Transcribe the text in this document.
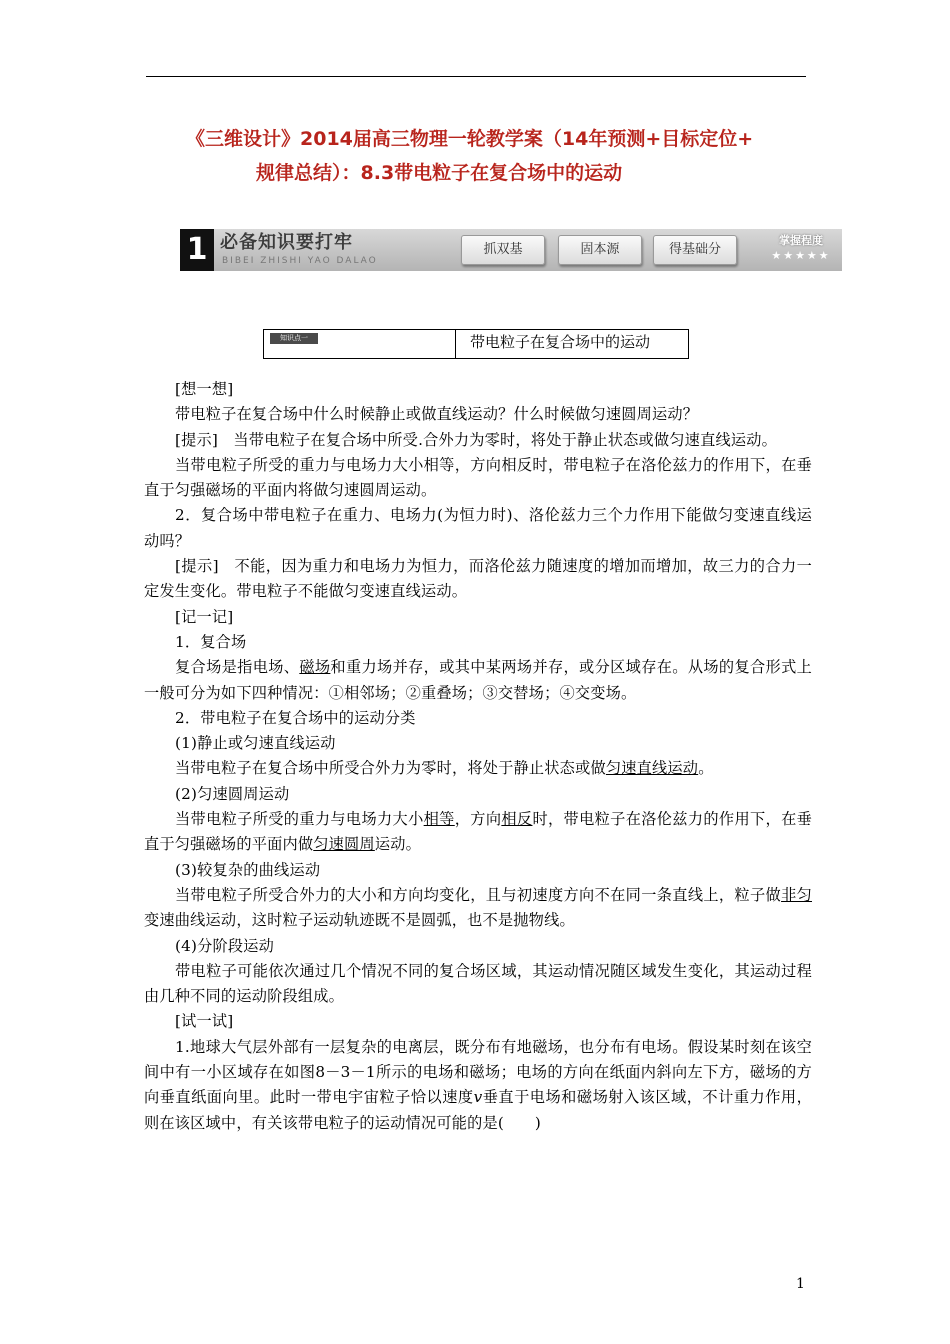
《三维设计》2014届高三物理一轮教学案（14年预测+目标定位+
规律总结）：8.3带电粒子在复合场中的运动
1 必备知识要打牢
BIBEI ZHISHI YAO DALAO
抓双基	固本源	得基础分
掌握程度
★★★★★
知识点一	带电粒子在复合场中的运动

[想一想]

带电粒子在复合场中什么时候静止或做直线运动？什么时候做匀速圆周运动？

[提示]　当带电粒子在复合场中所受.合外力为零时，将处于静止状态或做匀速直线运动。

当带电粒子所受的重力与电场力大小相等，方向相反时，带电粒子在洛伦兹力的作用下，在垂直于匀强磁场的平面内将做匀速圆周运动。

2．复合场中带电粒子在重力、电场力(为恒力时)、洛伦兹力三个力作用下能做匀变速直线运动吗？

[提示]　不能，因为重力和电场力为恒力，而洛伦兹力随速度的增加而增加，故三力的合力一定发生变化。带电粒子不能做匀变速直线运动。

[记一记]

1．复合场

复合场是指电场、磁场和重力场并存，或其中某两场并存，或分区域存在。从场的复合形式上一般可分为如下四种情况：①相邻场；②重叠场；③交替场；④交变场。

2．带电粒子在复合场中的运动分类

(1)静止或匀速直线运动

当带电粒子在复合场中所受合外力为零时，将处于静止状态或做匀速直线运动。

(2)匀速圆周运动

当带电粒子所受的重力与电场力大小相等，方向相反时，带电粒子在洛伦兹力的作用下，在垂直于匀强磁场的平面内做匀速圆周运动。

(3)较复杂的曲线运动

当带电粒子所受合外力的大小和方向均变化，且与初速度方向不在同一条直线上，粒子做非匀变速曲线运动，这时粒子运动轨迹既不是圆弧，也不是抛物线。

(4)分阶段运动

带电粒子可能依次通过几个情况不同的复合场区域，其运动情况随区域发生变化，其运动过程由几种不同的运动阶段组成。

[试一试]

1.地球大气层外部有一层复杂的电离层，既分布有地磁场，也分布有电场。假设某时刻在该空间中有一小区域存在如图8－3－1所示的电场和磁场；电场的方向在纸面内斜向左下方，磁场的方向垂直纸面向里。此时一带电宇宙粒子恰以速度v垂直于电场和磁场射入该区域，不计重力作用，则在该区域中，有关该带电粒子的运动情况可能的是(　　)

1
